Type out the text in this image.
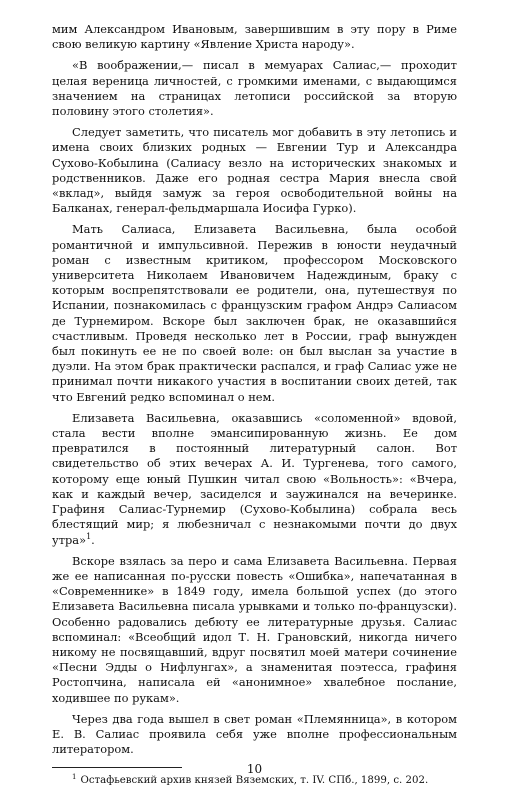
мим Александром Ивановым, завершившим в эту пору в Риме свою великую картину «Явление Христа народу».

«В воображении,— писал в мемуарах Салиас,— проходит целая вереница личностей, с громкими именами, с выдающимся значением на страницах летописи российской за вторую половину этого столетия».

Следует заметить, что писатель мог добавить в эту летопись и имена своих близких родных — Евгении Тур и Александра Сухово-Кобылина (Салиасу везло на исторических знакомых и родственников. Даже его родная сестра Мария внесла свой «вклад», выйдя замуж за героя освободительной войны на Балканах, генерал-фельдмаршала Иосифа Гурко).

Мать Салиаса, Елизавета Васильевна, была особой романтичной и импульсивной. Пережив в юности неудачный роман с известным критиком, профессором Московского университета Николаем Ивановичем Надеждиным, браку с которым воспрепятствовали ее родители, она, путешествуя по Испании, познакомилась с французским графом Андрэ Салиасом де Турнемиром. Вскоре был заключен брак, не оказавшийся счастливым. Проведя несколько лет в России, граф вынужден был покинуть ее не по своей воле: он был выслан за участие в дуэли. На этом брак практически распался, и граф Салиас уже не принимал почти никакого участия в воспитании своих детей, так что Евгений редко вспоминал о нем.

Елизавета Васильевна, оказавшись «соломенной» вдовой, стала вести вполне эмансипированную жизнь. Ее дом превратился в постоянный литературный салон. Вот свидетельство об этих вечерах А. И. Тургенева, того самого, которому еще юный Пушкин читал свою «Вольность»: «Вчера, как и каждый вечер, засиделся и заужинался на вечеринке. Графиня Салиас-Турнемир (Сухово-Кобылина) собрала весь блестящий мир; я любезничал с незнакомыми почти до двух утра»$^1$.

Вскоре взялась за перо и сама Елизавета Васильевна. Первая же ее написанная по-русски повесть «Ошибка», напечатанная в «Современнике» в 1849 году, имела большой успех (до этого Елизавета Васильевна писала урывками и только по-французски). Особенно радовались дебюту ее литературные друзья. Салиас вспоминал: «Всеобщий идол Т. Н. Грановский, никогда ничего никому не посвящавший, вдруг посвятил моей матери сочинение «Песни Эдды о Нифлунгах», а знаменитая поэтесса, графиня Ростопчина, написала ей «анонимное» хвалебное послание, ходившее по рукам».

Через два года вышел в свет роман «Племянница», в котором Е. В. Салиас проявила себя уже вполне профессиональным литератором.

$^1$ Остафьевский архив князей Вяземских, т. IV. СПб., 1899, с. 202.

10
